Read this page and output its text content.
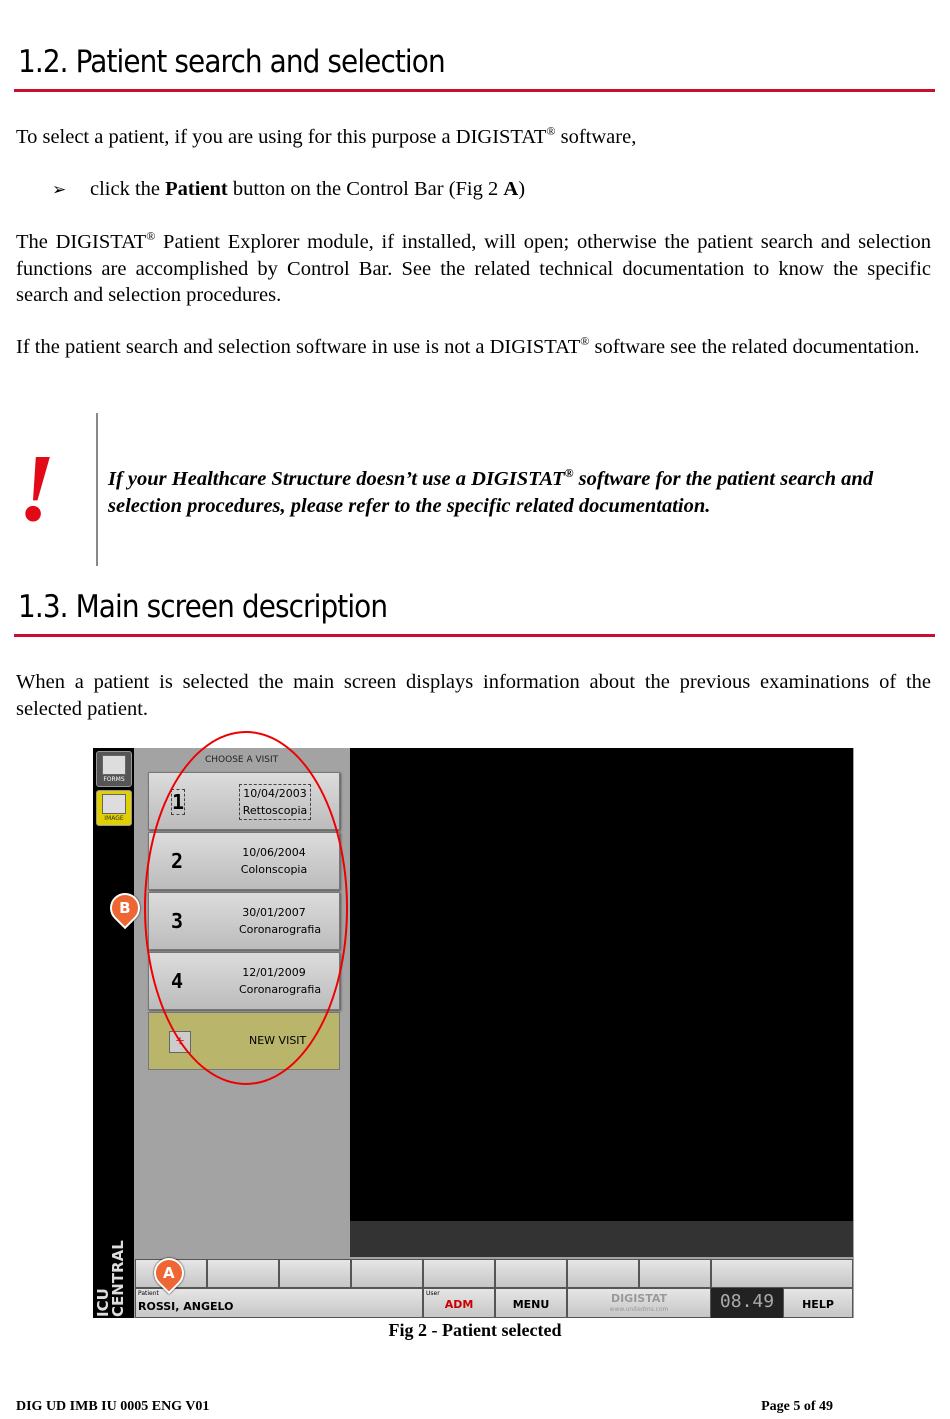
1.2. Patient search and selection

To select a patient, if you are using for this purpose a DIGISTAT® software,

➢ click the Patient button on the Control Bar (Fig 2 A)

The DIGISTAT® Patient Explorer module, if installed, will open; otherwise the patient search and selection functions are accomplished by Control Bar. See the related technical documentation to know the specific search and selection procedures.

If the patient search and selection software in use is not a DIGISTAT® software see the related documentation.

!	If your Healthcare Structure doesn’t use a DIGISTAT® software for the patient search and selection procedures, please refer to the specific related documentation.

1.3. Main screen description

When a patient is selected the main screen displays information about the previous examinations of the selected patient.

FORMS
IMAGE
ICU CENTRAL
CHOOSE A VISIT
1	10/04/2003
Rettoscopia
2	10/06/2004
Colonscopia
3	30/01/2007
Coronarografia
4	12/01/2009
Coronarografia
+	NEW VISIT
Patient
ROSSI, ANGELO
User
ADM	MENU	DIGISTAT
www.unitedms.com	08.49	HELP
B
A
Fig 2 - Patient selected
DIG UD IMB IU 0005 ENG V01	Page 5 of 49
